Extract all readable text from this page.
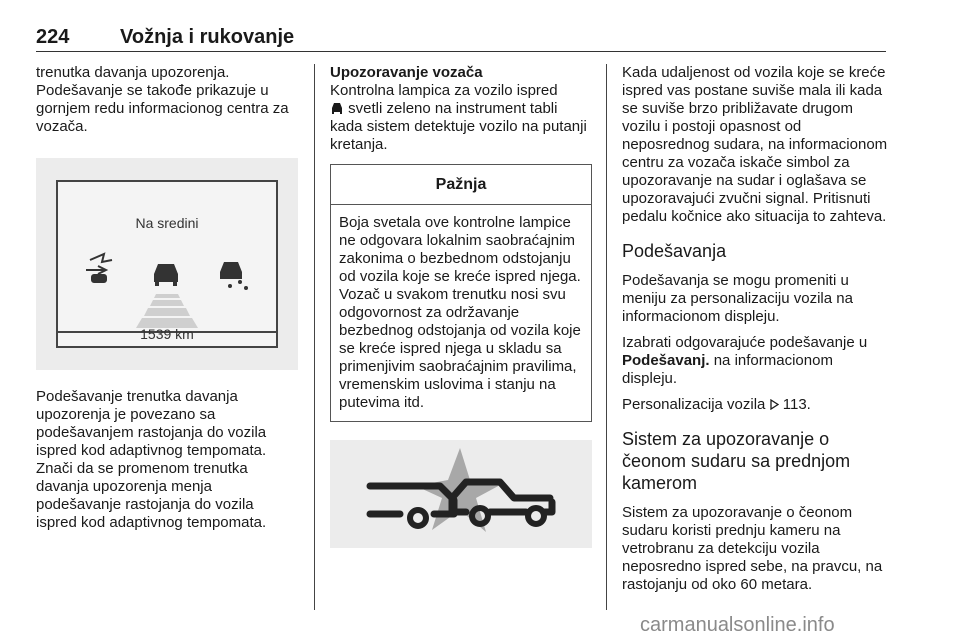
224	Vožnja i rukovanje

trenutka davanja upozorenja. Podešavanje se takođe prikazuje u gornjem redu informacionog centra za vozača.

Na sredini
1539 km

Podešavanje trenutka davanja upozorenja je povezano sa podešavanjem rastojanja do vozila ispred kod adaptivnog tempomata. Znači da se promenom trenutka davanja upozorenja menja podešavanje rastojanja do vozila ispred kod adaptivnog tempomata.

Upozoravanje vozača

Kontrolna lampica za vozilo ispred
svetli zeleno na instrument tabli kada sistem detektuje vozilo na putanji kretanja.

Pažnja
Boja svetala ove kontrolne lampice ne odgovara lokalnim saobraćajnim zakonima o bezbednom odstojanju od vozila koje se kreće ispred njega. Vozač u svakom trenutku nosi svu odgovornost za održavanje bezbednog odstojanja od vozila koje se kreće ispred njega u skladu sa primenjivim saobraćajnim pravilima, vremenskim uslovima i stanju na putevima itd.

Kada udaljenost od vozila koje se kreće ispred vas postane suviše mala ili kada se suviše brzo približavate drugom vozilu i postoji opasnost od neposrednog sudara, na informacionom centru za vozača iskače simbol za upozoravanje na sudar i oglašava se upozoravajući zvučni signal. Pritisnuti pedalu kočnice ako situacija to zahteva.

Podešavanja

Podešavanja se mogu promeniti u meniju za personalizaciju vozila na informacionom displeju.

Izabrati odgovarajuće podešavanje u Podešavanj. na informacionom displeju.

Personalizacija vozila 113.

Sistem za upozoravanje o čeonom sudaru sa prednjom kamerom

Sistem za upozoravanje o čeonom sudaru koristi prednju kameru na vetrobranu za detekciju vozila neposredno ispred sebe, na pravcu, na rastojanju od oko 60 metara.

carmanualsonline.info
